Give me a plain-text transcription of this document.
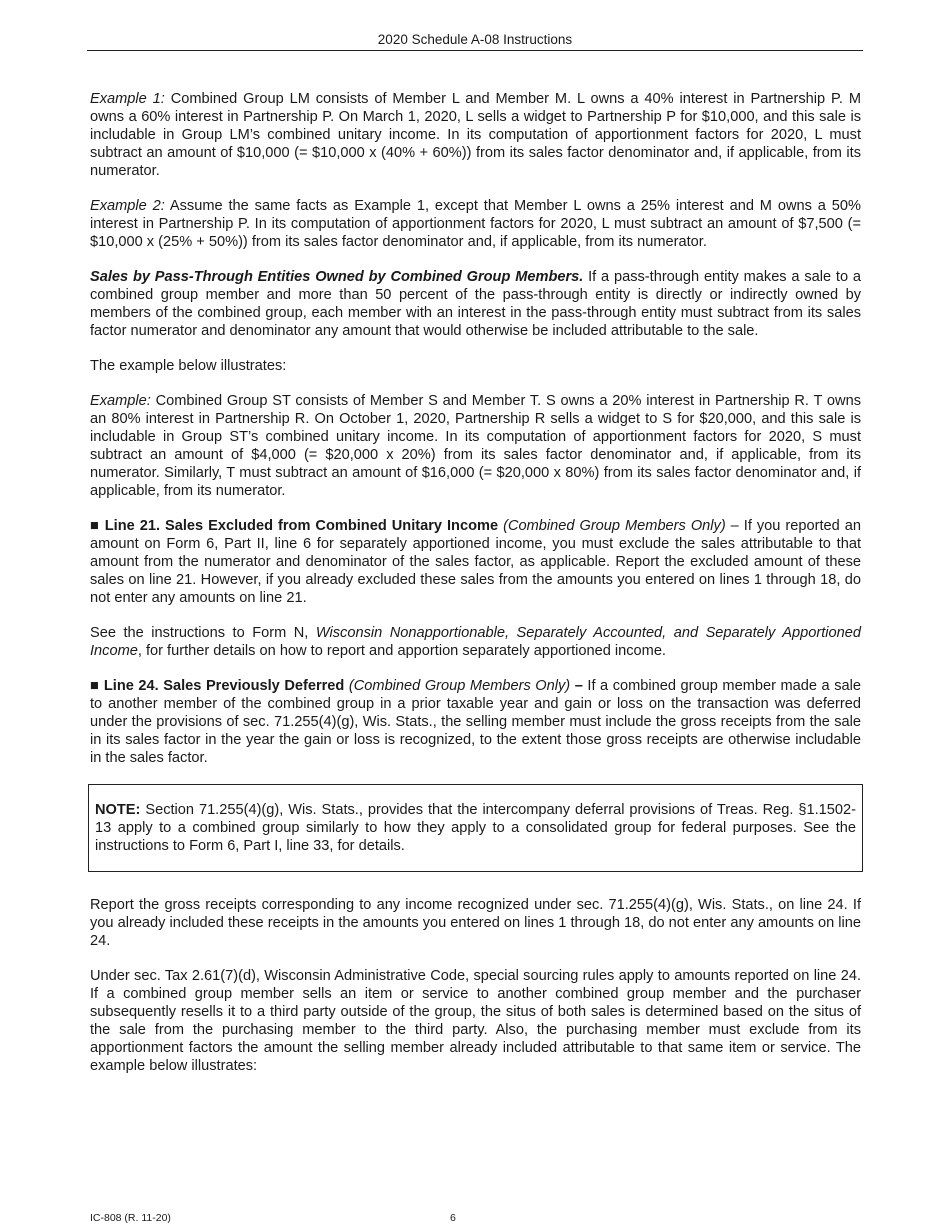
2020 Schedule A-08 Instructions

Example 1: Combined Group LM consists of Member L and Member M. L owns a 40% interest in Partnership P. M owns a 60% interest in Partnership P. On March 1, 2020, L sells a widget to Partnership P for $10,000, and this sale is includable in Group LM’s combined unitary income. In its computation of apportionment factors for 2020, L must subtract an amount of $10,000 (= $10,000 x (40% + 60%)) from its sales factor denominator and, if applicable, from its numerator.

Example 2: Assume the same facts as Example 1, except that Member L owns a 25% interest and M owns a 50% interest in Partnership P. In its computation of apportionment factors for 2020, L must subtract an amount of $7,500 (= $10,000 x (25% + 50%)) from its sales factor denominator and, if applicable, from its numerator.

Sales by Pass-Through Entities Owned by Combined Group Members. If a pass-through entity makes a sale to a combined group member and more than 50 percent of the pass-through entity is directly or indirectly owned by members of the combined group, each member with an interest in the pass-through entity must subtract from its sales factor numerator and denominator any amount that would otherwise be included attributable to the sale.

The example below illustrates:

Example: Combined Group ST consists of Member S and Member T. S owns a 20% interest in Partnership R. T owns an 80% interest in Partnership R. On October 1, 2020, Partnership R sells a widget to S for $20,000, and this sale is includable in Group ST’s combined unitary income. In its computation of apportionment factors for 2020, S must subtract an amount of $4,000 (= $20,000 x 20%) from its sales factor denominator and, if applicable, from its numerator. Similarly, T must subtract an amount of $16,000 (= $20,000 x 80%) from its sales factor denominator and, if applicable, from its numerator.

■ Line 21. Sales Excluded from Combined Unitary Income (Combined Group Members Only) – If you reported an amount on Form 6, Part II, line 6 for separately apportioned income, you must exclude the sales attributable to that amount from the numerator and denominator of the sales factor, as applicable. Report the excluded amount of these sales on line 21. However, if you already excluded these sales from the amounts you entered on lines 1 through 18, do not enter any amounts on line 21.

See the instructions to Form N, Wisconsin Nonapportionable, Separately Accounted, and Separately Apportioned Income, for further details on how to report and apportion separately apportioned income.

■ Line 24. Sales Previously Deferred (Combined Group Members Only) – If a combined group member made a sale to another member of the combined group in a prior taxable year and gain or loss on the transaction was deferred under the provisions of sec. 71.255(4)(g), Wis. Stats., the selling member must include the gross receipts from the sale in its sales factor in the year the gain or loss is recognized, to the extent those gross receipts are otherwise includable in the sales factor.

NOTE: Section 71.255(4)(g), Wis. Stats., provides that the intercompany deferral provisions of Treas. Reg. §1.1502-13 apply to a combined group similarly to how they apply to a consolidated group for federal purposes. See the instructions to Form 6, Part I, line 33, for details.

Report the gross receipts corresponding to any income recognized under sec. 71.255(4)(g), Wis. Stats., on line 24. If you already included these receipts in the amounts you entered on lines 1 through 18, do not enter any amounts on line 24.

Under sec. Tax 2.61(7)(d), Wisconsin Administrative Code, special sourcing rules apply to amounts reported on line 24. If a combined group member sells an item or service to another combined group member and the purchaser subsequently resells it to a third party outside of the group, the situs of both sales is determined based on the situs of the sale from the purchasing member to the third party. Also, the purchasing member must exclude from its apportionment factors the amount the selling member already included attributable to that same item or service. The example below illustrates:

IC-808 (R. 11-20)	6
